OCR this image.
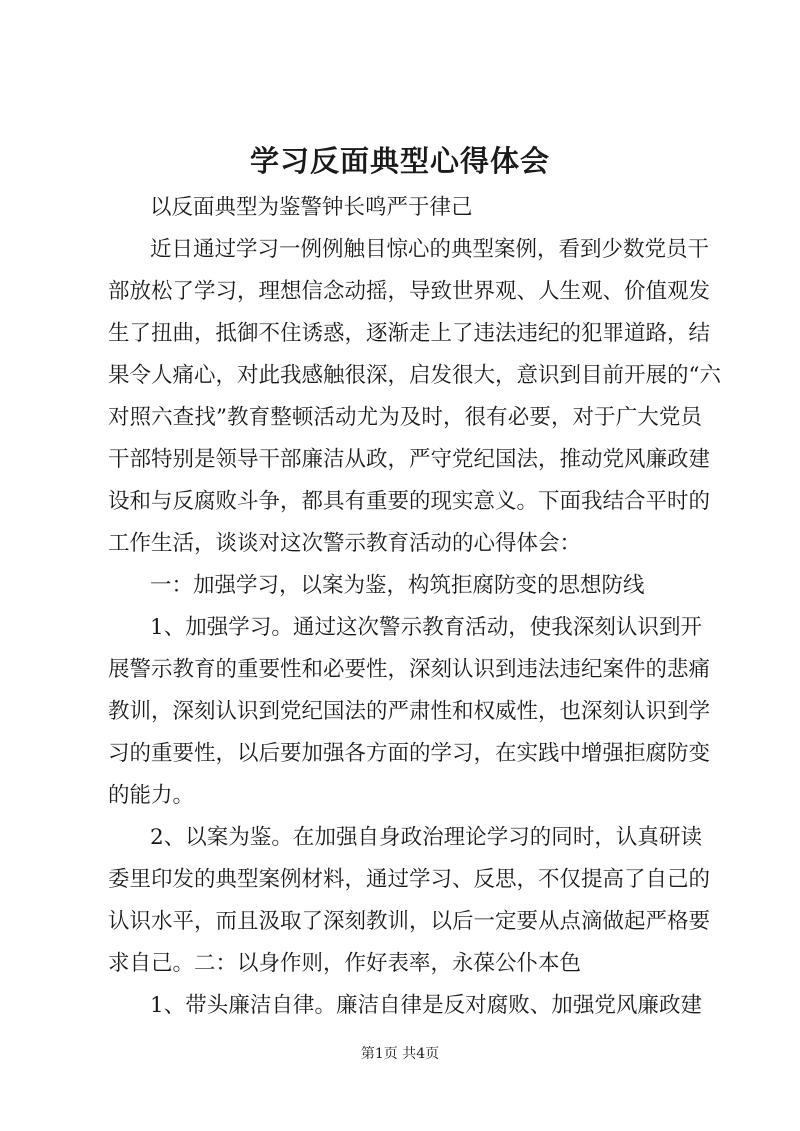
学习反面典型心得体会
以反面典型为鉴警钟长鸣严于律己
近日通过学习一例例触目惊心的典型案例，看到少数党员干
部放松了学习，理想信念动摇，导致世界观、人生观、价值观发
生了扭曲，抵御不住诱惑，逐渐走上了违法违纪的犯罪道路，结
果令人痛心，对此我感触很深，启发很大，意识到目前开展的“六
对照六查找”教育整顿活动尤为及时，很有必要，对于广大党员
干部特别是领导干部廉洁从政，严守党纪国法，推动党风廉政建
设和与反腐败斗争，都具有重要的现实意义。下面我结合平时的
工作生活，谈谈对这次警示教育活动的心得体会：
一：加强学习，以案为鉴，构筑拒腐防变的思想防线
1、加强学习。通过这次警示教育活动，使我深刻认识到开
展警示教育的重要性和必要性，深刻认识到违法违纪案件的悲痛
教训，深刻认识到党纪国法的严肃性和权威性，也深刻认识到学
习的重要性，以后要加强各方面的学习，在实践中增强拒腐防变
的能力。
2、以案为鉴。在加强自身政治理论学习的同时，认真研读
委里印发的典型案例材料，通过学习、反思，不仅提高了自己的
认识水平，而且汲取了深刻教训，以后一定要从点滴做起严格要
求自己。二：以身作则，作好表率，永葆公仆本色
1、带头廉洁自律。廉洁自律是反对腐败、加强党风廉政建
第1页 共4页
